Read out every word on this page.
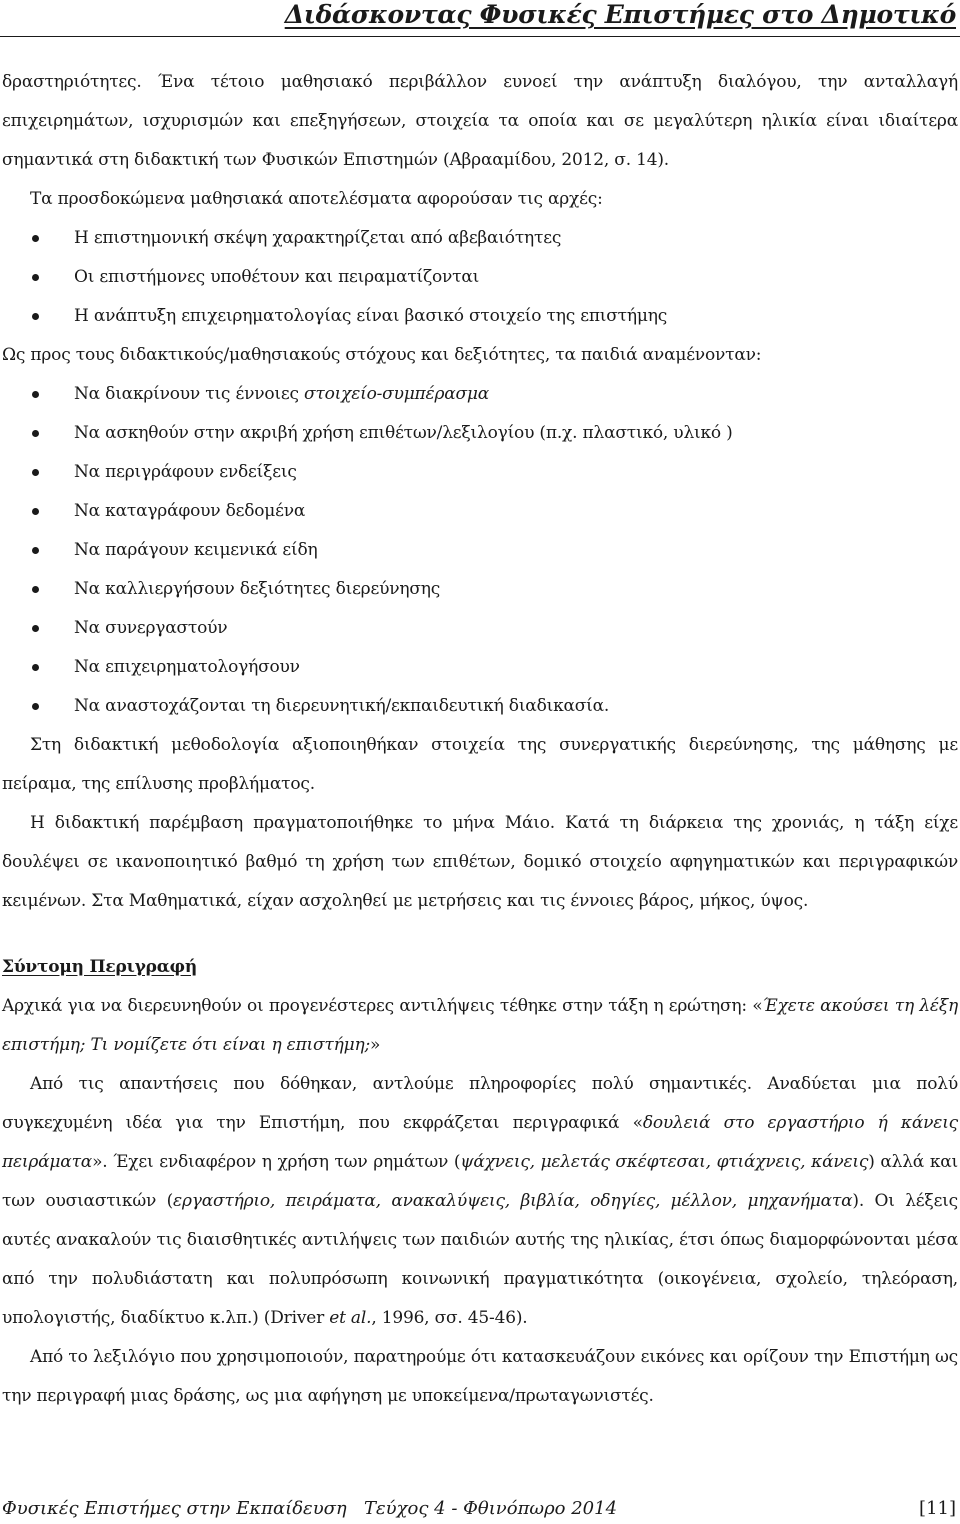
Διδάσκοντας Φυσικές Επιστήμες στο Δημοτικό

δραστηριότητες. Ένα τέτοιο μαθησιακό περιβάλλον ευνοεί την ανάπτυξη διαλόγου, την ανταλλαγή επιχειρημάτων, ισχυρισμών και επεξηγήσεων, στοιχεία τα οποία και σε μεγαλύτερη ηλικία είναι ιδιαίτερα σημαντικά στη διδακτική των Φυσικών Επιστημών (Αβρααμίδου, 2012, σ. 14).

Τα προσδοκώμενα μαθησιακά αποτελέσματα αφορούσαν τις αρχές:

Η επιστημονική σκέψη χαρακτηρίζεται από αβεβαιότητες
Οι επιστήμονες υποθέτουν και πειραματίζονται
Η ανάπτυξη επιχειρηματολογίας είναι βασικό στοιχείο της επιστήμης

Ως προς τους διδακτικούς/μαθησιακούς στόχους και δεξιότητες, τα παιδιά αναμένονταν:

Να διακρίνουν τις έννοιες στοιχείο-συμπέρασμα
Να ασκηθούν στην ακριβή χρήση επιθέτων/λεξιλογίου (π.χ. πλαστικό, υλικό )
Να περιγράφουν ενδείξεις
Να καταγράφουν δεδομένα
Να παράγουν κειμενικά είδη
Να καλλιεργήσουν δεξιότητες διερεύνησης
Να συνεργαστούν
Να επιχειρηματολογήσουν
Να αναστοχάζονται τη διερευνητική/εκπαιδευτική διαδικασία.

Στη διδακτική μεθοδολογία αξιοποιηθήκαν στοιχεία της συνεργατικής διερεύνησης, της μάθησης με πείραμα, της επίλυσης προβλήματος.

Η διδακτική παρέμβαση πραγματοποιήθηκε το μήνα Μάιο. Κατά τη διάρκεια της χρονιάς, η τάξη είχε δουλέψει σε ικανοποιητικό βαθμό τη χρήση των επιθέτων, δομικό στοιχείο αφηγηματικών και περιγραφικών κειμένων. Στα Μαθηματικά, είχαν ασχοληθεί με μετρήσεις και τις έννοιες βάρος, μήκος, ύψος.

Σύντομη Περιγραφή

Αρχικά για να διερευνηθούν οι προγενέστερες αντιλήψεις τέθηκε στην τάξη η ερώτηση: «Έχετε ακούσει τη λέξη επιστήμη; Τι νομίζετε ότι είναι η επιστήμη;»

Από τις απαντήσεις που δόθηκαν, αντλούμε πληροφορίες πολύ σημαντικές. Αναδύεται μια πολύ συγκεχυμένη ιδέα για την Επιστήμη, που εκφράζεται περιγραφικά «δουλειά στο εργαστήριο ή κάνεις πειράματα». Έχει ενδιαφέρον η χρήση των ρημάτων (ψάχνεις, μελετάς σκέφτεσαι, φτιάχνεις, κάνεις) αλλά και των ουσιαστικών (εργαστήριο, πειράματα, ανακαλύψεις, βιβλία, οδηγίες, μέλλον, μηχανήματα). Οι λέξεις αυτές ανακαλούν τις διαισθητικές αντιλήψεις των παιδιών αυτής της ηλικίας, έτσι όπως διαμορφώνονται μέσα από την πολυδιάστατη και πολυπρόσωπη κοινωνική πραγματικότητα (οικογένεια, σχολείο, τηλεόραση, υπολογιστής, διαδίκτυο κ.λπ.) (Driver et al., 1996, σσ. 45-46).

Από το λεξιλόγιο που χρησιμοποιούν, παρατηρούμε ότι κατασκευάζουν εικόνες και ορίζουν την Επιστήμη ως την περιγραφή μιας δράσης, ως μια αφήγηση με υποκείμενα/πρωταγωνιστές.

Φυσικές Επιστήμες στην Εκπαίδευση Τεύχος 4 - Φθινόπωρο 2014	[11]
